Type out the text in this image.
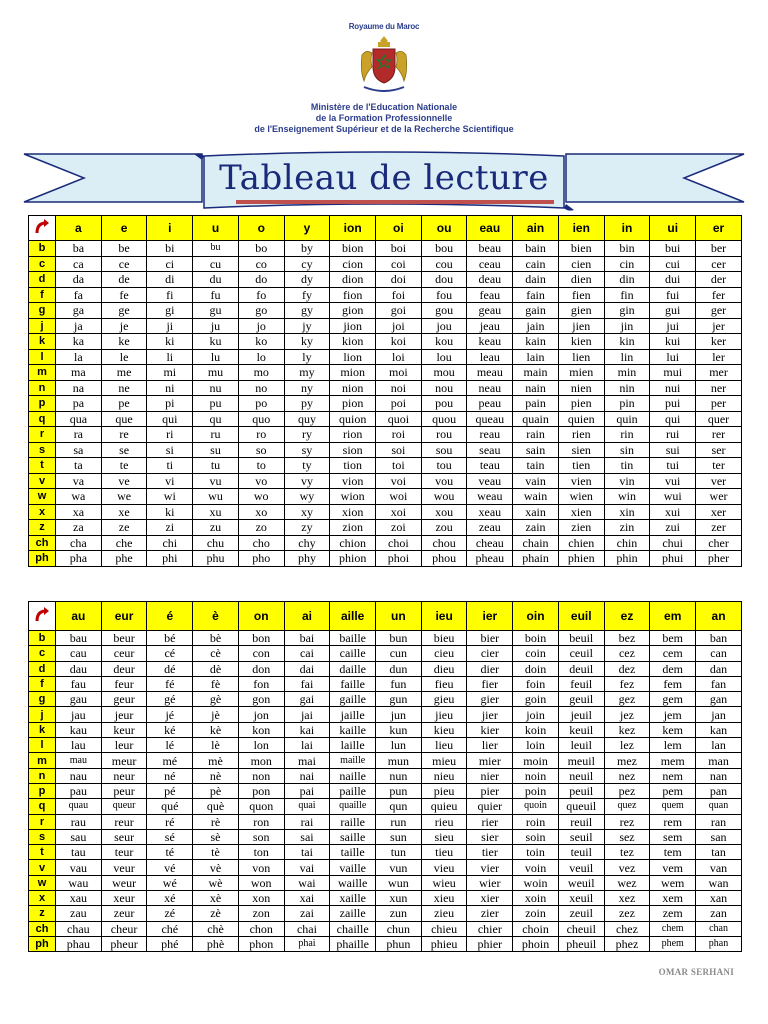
Royaume du Maroc
Ministère de l'Education Nationale
de la Formation Professionnelle
de l'Enseignement Supérieur et de la Recherche Scientifique
Tableau de lecture
	a	e	i	u	o	y	ion	oi	ou	eau	ain	ien	in	ui	er
b	ba	be	bi	bu	bo	by	bion	boi	bou	beau	bain	bien	bin	bui	ber
c	ca	ce	ci	cu	co	cy	cion	coi	cou	ceau	cain	cien	cin	cui	cer
d	da	de	di	du	do	dy	dion	doi	dou	deau	dain	dien	din	dui	der
f	fa	fe	fi	fu	fo	fy	fion	foi	fou	feau	fain	fien	fin	fui	fer
g	ga	ge	gi	gu	go	gy	gion	goi	gou	geau	gain	gien	gin	gui	ger
j	ja	je	ji	ju	jo	jy	jion	joi	jou	jeau	jain	jien	jin	jui	jer
k	ka	ke	ki	ku	ko	ky	kion	koi	kou	keau	kain	kien	kin	kui	ker
l	la	le	li	lu	lo	ly	lion	loi	lou	leau	lain	lien	lin	lui	ler
m	ma	me	mi	mu	mo	my	mion	moi	mou	meau	main	mien	min	mui	mer
n	na	ne	ni	nu	no	ny	nion	noi	nou	neau	nain	nien	nin	nui	ner
p	pa	pe	pi	pu	po	py	pion	poi	pou	peau	pain	pien	pin	pui	per
q	qua	que	qui	qu	quo	quy	quion	quoi	quou	queau	quain	quien	quin	qui	quer
r	ra	re	ri	ru	ro	ry	rion	roi	rou	reau	rain	rien	rin	rui	rer
s	sa	se	si	su	so	sy	sion	soi	sou	seau	sain	sien	sin	sui	ser
t	ta	te	ti	tu	to	ty	tion	toi	tou	teau	tain	tien	tin	tui	ter
v	va	ve	vi	vu	vo	vy	vion	voi	vou	veau	vain	vien	vin	vui	ver
w	wa	we	wi	wu	wo	wy	wion	woi	wou	weau	wain	wien	win	wui	wer
x	xa	xe	ki	xu	xo	xy	xion	xoi	xou	xeau	xain	xien	xin	xui	xer
z	za	ze	zi	zu	zo	zy	zion	zoi	zou	zeau	zain	zien	zin	zui	zer
ch	cha	che	chi	chu	cho	chy	chion	choi	chou	cheau	chain	chien	chin	chui	cher
ph	pha	phe	phi	phu	pho	phy	phion	phoi	phou	pheau	phain	phien	phin	phui	pher
	au	eur	é	è	on	ai	aille	un	ieu	ier	oin	euil	ez	em	an
b	bau	beur	bé	bè	bon	bai	baille	bun	bieu	bier	boin	beuil	bez	bem	ban
c	cau	ceur	cé	cè	con	cai	caille	cun	cieu	cier	coin	ceuil	cez	cem	can
d	dau	deur	dé	dè	don	dai	daille	dun	dieu	dier	doin	deuil	dez	dem	dan
f	fau	feur	fé	fè	fon	fai	faille	fun	fieu	fier	foin	feuil	fez	fem	fan
g	gau	geur	gé	gè	gon	gai	gaille	gun	gieu	gier	goin	geuil	gez	gem	gan
j	jau	jeur	jé	jè	jon	jai	jaille	jun	jieu	jier	join	jeuil	jez	jem	jan
k	kau	keur	ké	kè	kon	kai	kaille	kun	kieu	kier	koin	keuil	kez	kem	kan
l	lau	leur	lé	lè	lon	lai	laille	lun	lieu	lier	loin	leuil	lez	lem	lan
m	mau	meur	mé	mè	mon	mai	maille	mun	mieu	mier	moin	meuil	mez	mem	man
n	nau	neur	né	nè	non	nai	naille	nun	nieu	nier	noin	neuil	nez	nem	nan
p	pau	peur	pé	pè	pon	pai	paille	pun	pieu	pier	poin	peuil	pez	pem	pan
q	quau	queur	qué	què	quon	quai	quaille	qun	quieu	quier	quoin	queuil	quez	quem	quan
r	rau	reur	ré	rè	ron	rai	raille	run	rieu	rier	roin	reuil	rez	rem	ran
s	sau	seur	sé	sè	son	sai	saille	sun	sieu	sier	soin	seuil	sez	sem	san
t	tau	teur	té	tè	ton	tai	taille	tun	tieu	tier	toin	teuil	tez	tem	tan
v	vau	veur	vé	vè	von	vai	vaille	vun	vieu	vier	voin	veuil	vez	vem	van
w	wau	weur	wé	wè	won	wai	waille	wun	wieu	wier	woin	weuil	wez	wem	wan
x	xau	xeur	xé	xè	xon	xai	xaille	xun	xieu	xier	xoin	xeuil	xez	xem	xan
z	zau	zeur	zé	zè	zon	zai	zaille	zun	zieu	zier	zoin	zeuil	zez	zem	zan
ch	chau	cheur	ché	chè	chon	chai	chaille	chun	chieu	chier	choin	cheuil	chez	chem	chan
ph	phau	pheur	phé	phè	phon	phai	phaille	phun	phieu	phier	phoin	pheuil	phez	phem	phan
OMAR SERHANI
